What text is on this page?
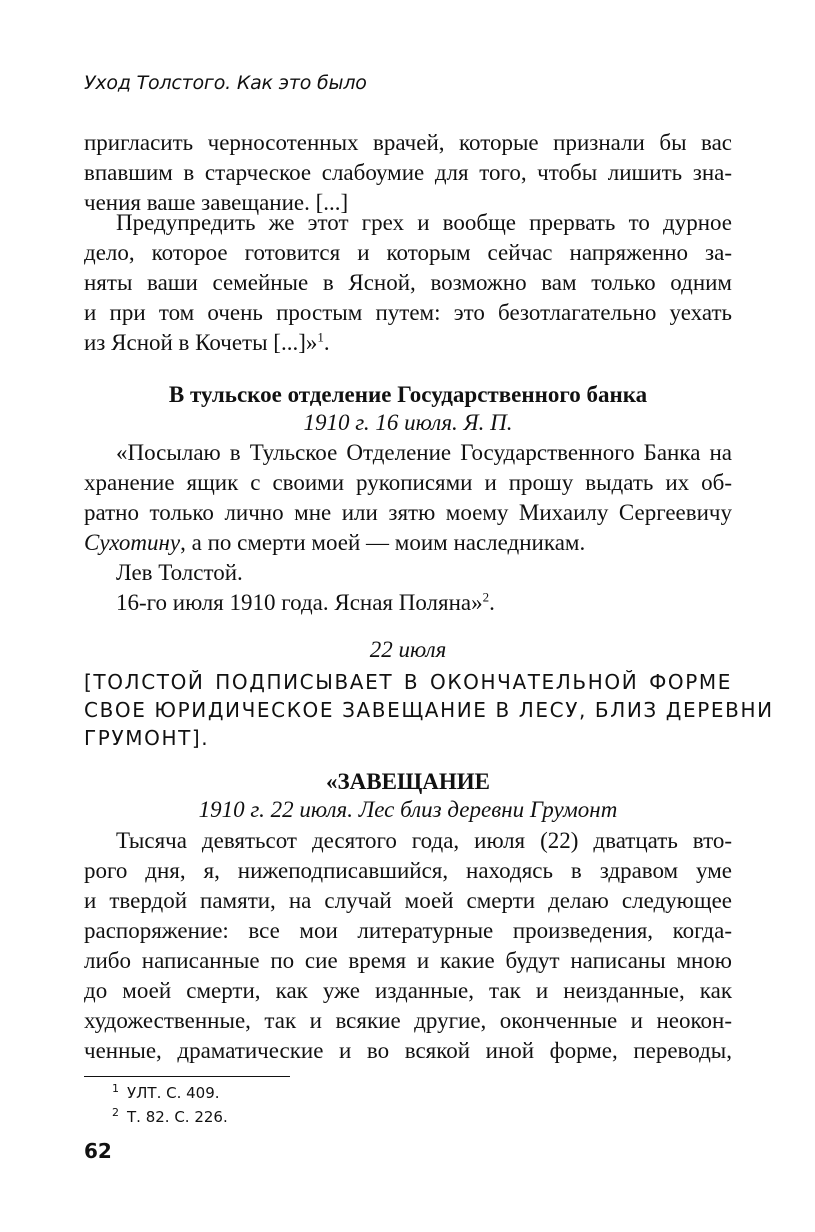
Уход Толстого. Как это было

пригласить черносотенных врачей, которые признали бы вас
впавшим в старческое слабоумие для того, чтобы лишить зна-
чения ваше завещание. [...]

Предупредить же этот грех и вообще прервать то дурное
дело, которое готовится и которым сейчас напряженно за-
няты ваши семейные в Ясной, возможно вам только одним
и при том очень простым путем: это безотлагательно уехать
из Ясной в Кочеты [...]»$^1$.

В тульское отделение Государственного банка

1910 г. 16 июля. Я. П.

«Посылаю в Тульское Отделение Государственного Банка на
хранение ящик с своими рукописями и прошу выдать их об-
ратно только лично мне или зятю моему Михаилу Сергеевичу
Сухотину, а по смерти моей — моим наследникам.
Лев Толстой.
16-го июля 1910 года. Ясная Поляна»$^2$.

22 июля

[ТОЛСТОЙ ПОДПИСЫВАЕТ В ОКОНЧАТЕЛЬНОЙ ФОРМЕ
СВОЕ ЮРИДИЧЕСКОЕ ЗАВЕЩАНИЕ В ЛЕСУ, БЛИЗ ДЕРЕВНИ
ГРУМОНТ].

«ЗАВЕЩАНИЕ

1910 г. 22 июля. Лес близ деревни Грумонт

Тысяча девятьсот десятого года, июля (22) дватцать вто-
рого дня, я, нижеподписавшийся, находясь в здравом уме
и твердой памяти, на случай моей смерти делаю следующее
распоряжение: все мои литературные произведения, когда-
либо написанные по сие время и какие будут написаны мною
до моей смерти, как уже изданные, так и неизданные, как
художественные, так и всякие другие, оконченные и неокон-
ченные, драматические и во всякой иной форме, переводы,

$^1$ УЛТ. С. 409.
$^2$ Т. 82. С. 226.
62
